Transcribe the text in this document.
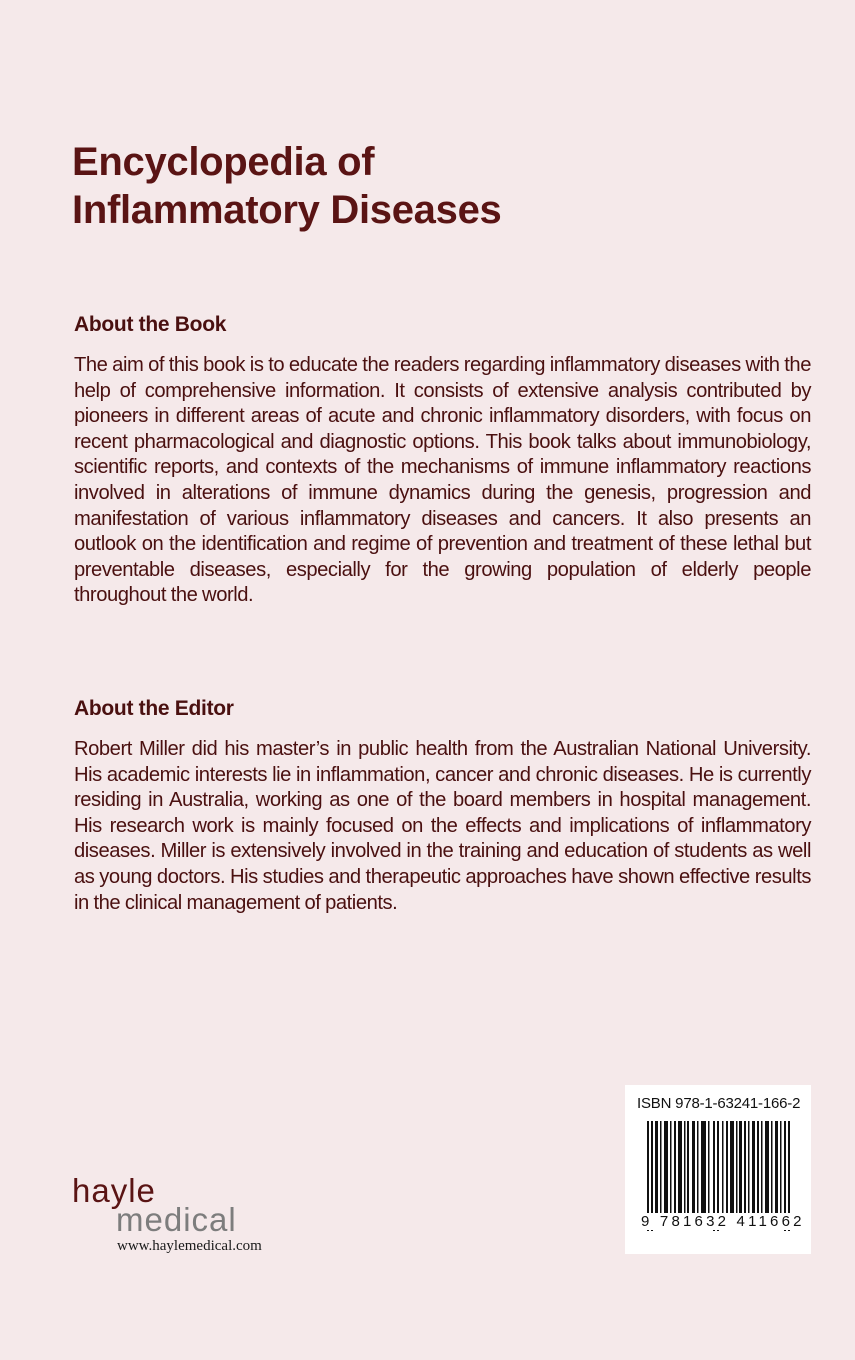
Encyclopedia of
Inflammatory Diseases
About the Book

The aim of this book is to educate the readers regarding inflammatory diseases with the help of comprehensive information. It consists of extensive analysis contributed by pioneers in different areas of acute and chronic inflammatory disorders, with focus on recent pharmacological and diagnostic options. This book talks about immunobiology, scientific reports, and contexts of the mechanisms of immune inflammatory reactions involved in alterations of immune dynamics during the genesis, progression and manifestation of various inflammatory diseases and cancers. It also presents an outlook on the identification and regime of prevention and treatment of these lethal but preventable diseases, especially for the growing population of elderly people throughout the world.

About the Editor

Robert Miller did his master’s in public health from the Australian National University. His academic interests lie in inflammation, cancer and chronic diseases. He is currently residing in Australia, working as one of the board members in hospital management. His research work is mainly focused on the effects and implications of inflammatory diseases. Miller is extensively involved in the training and education of students as well as young doctors. His studies and therapeutic approaches have shown effective results in the clinical management of patients.

hayle
medical
www.haylemedical.com
ISBN 978-1-63241-166-2
9 781632 411662
